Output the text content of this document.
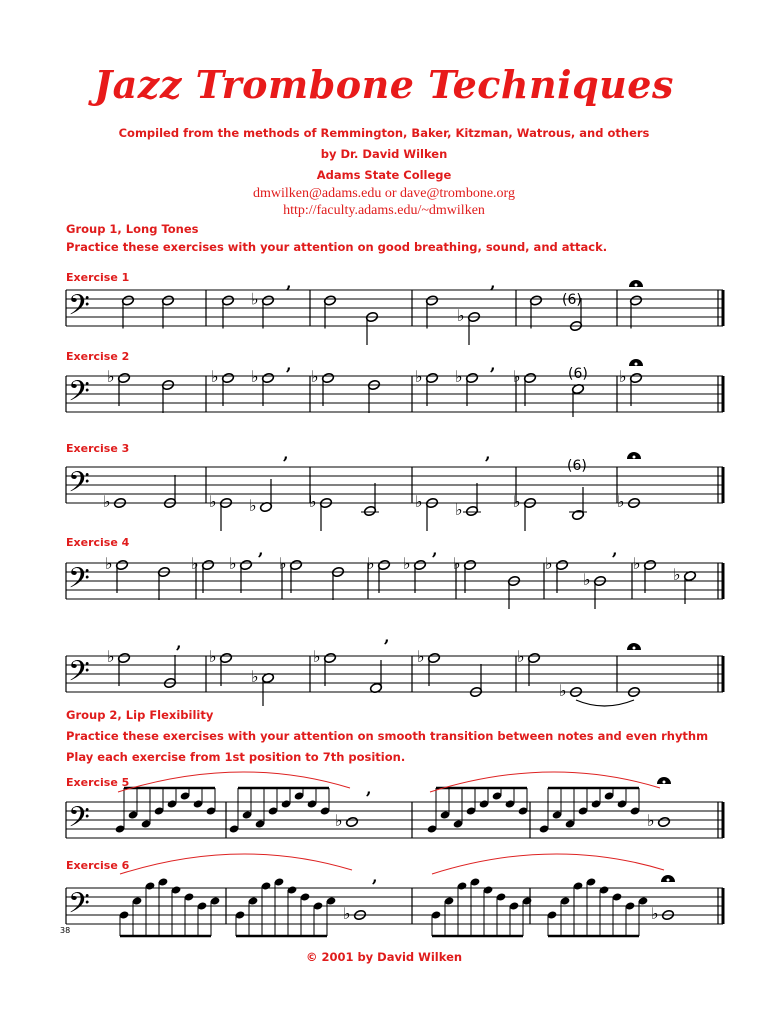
Jazz Trombone Techniques
Compiled from the methods of Remmington, Baker, Kitzman, Watrous, and others
by Dr. David Wilken
Adams State College
dmwilken@adams.edu or dave@trombone.org
http://faculty.adams.edu/~dmwilken
Group 1, Long Tones
Practice these exercises with your attention on good breathing, sound, and attack.
Exercise 1
Exercise 2
Exercise 3
Exercise 4
Group 2, Lip Flexibility
Practice these exercises with your attention on smooth transition between notes and even rhythm
Play each exercise from 1st position to 7th position.
Exercise 5
Exercise 6
38
© 2001 by David Wilken
(6)
(6)
(6)
𝄢	♭
,
♭
,
𝄢 ♭	♭ ♭
,
♭	♭ ♭
,
♭	♭
𝄢 ♭	♭ ♭
,
♭	♭ ♭
,
♭	♭
𝄢 ♭	♭ ♭
,
♭	♭ ♭
,
♭	♭
♭
,
♭
♭
𝄢 ♭
,
♭
♭
♭
,
♭	♭
♭
𝄢	♭
,
♭
𝄢	♭
,
♭
